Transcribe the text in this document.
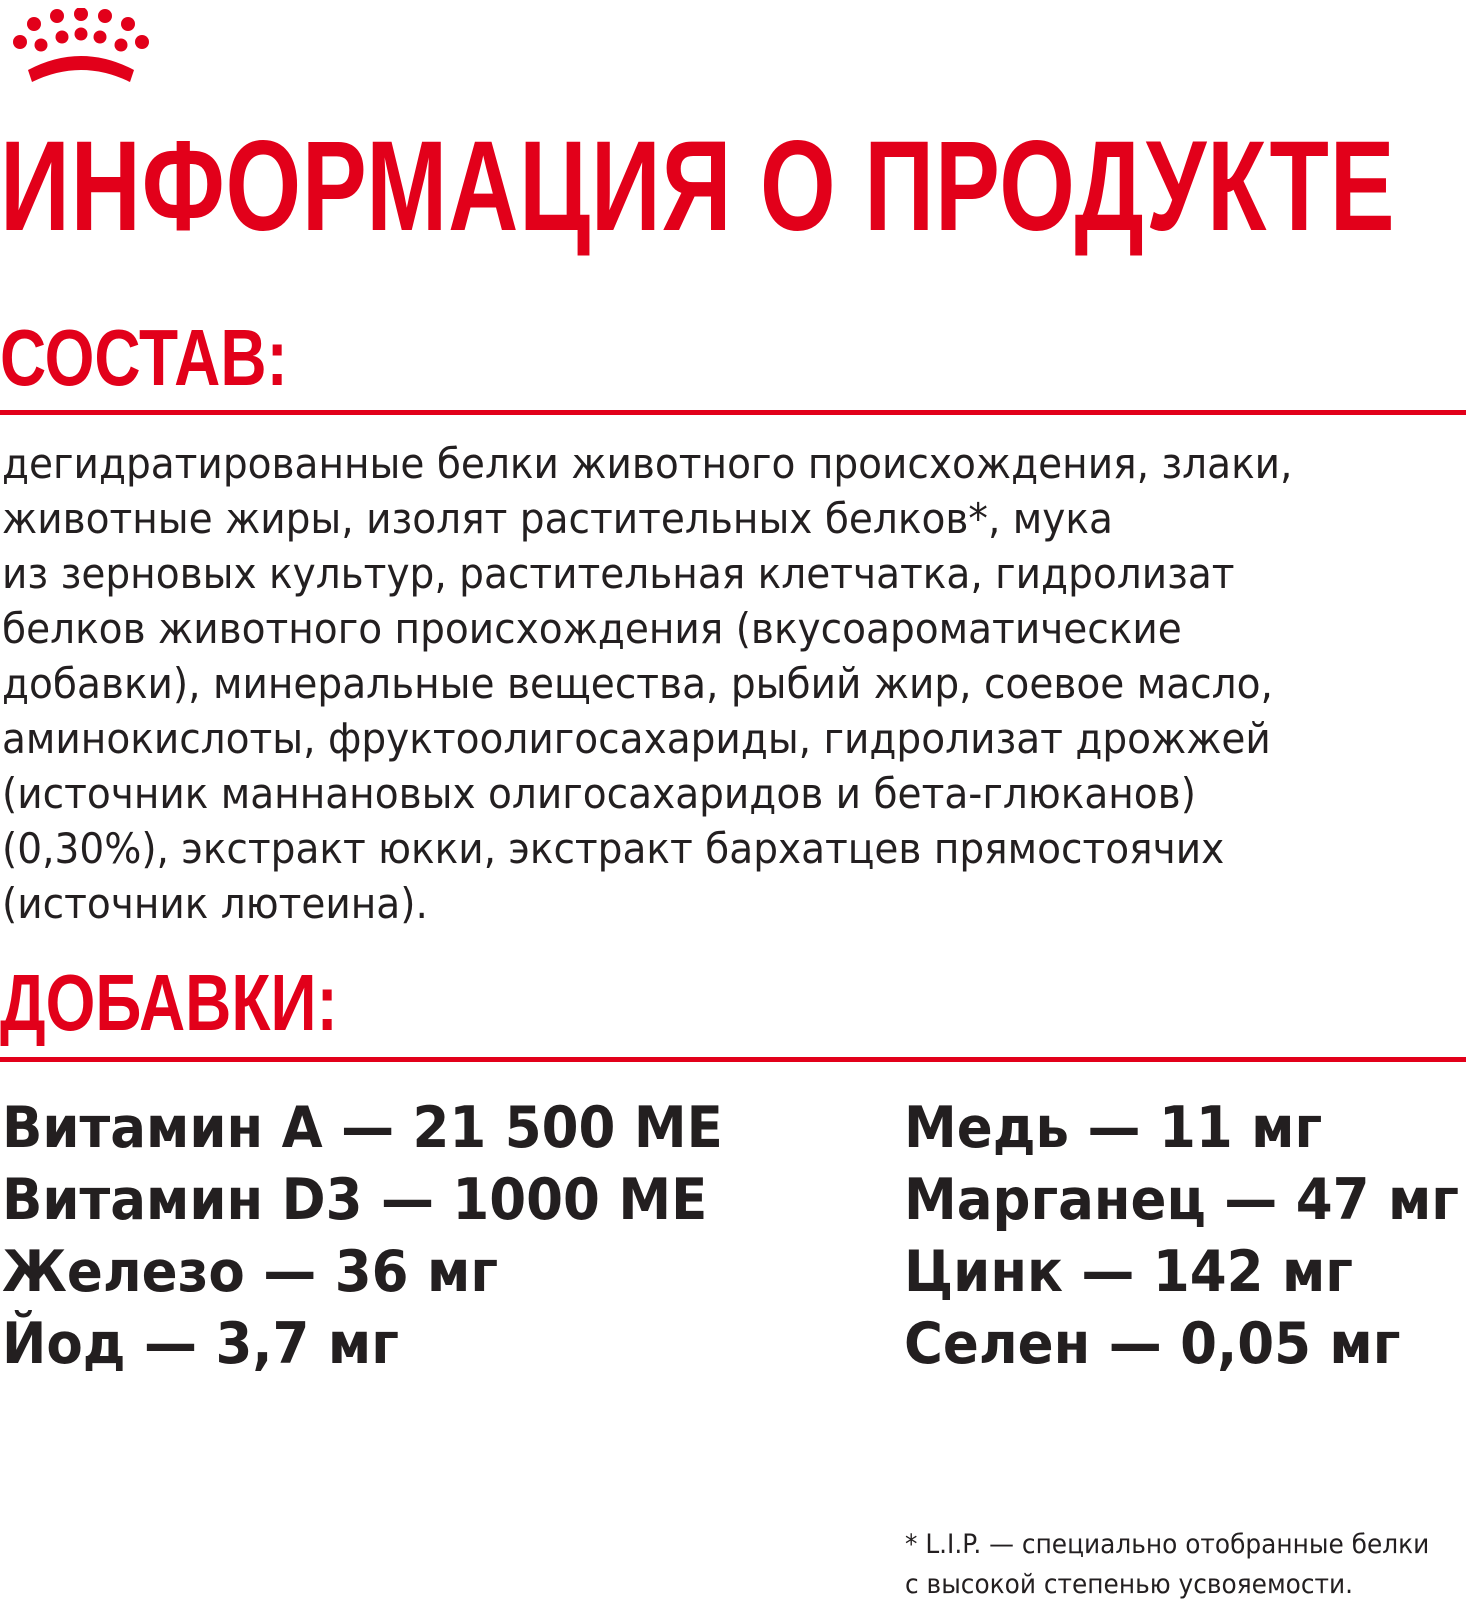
ИНФОРМАЦИЯ О ПРОДУКТЕ
СОСТАВ:

дегидратированные белки животного происхождения, злаки,
животные жиры, изолят растительных белков*, мука
из зерновых культур, растительная клетчатка, гидролизат
белков животного происхождения (вкусоароматические
добавки), минеральные вещества, рыбий жир, соевое масло,
аминокислоты, фруктоолигосахариды, гидролизат дрожжей
(источник маннановых олигосахаридов и бета-глюканов)
(0,30%), экстракт юкки, экстракт бархатцев прямостоячих
(источник лютеина).

ДОБАВКИ:
Витамин A — 21 500 МЕ
Витамин D3 — 1000 МЕ
Железо — 36 мг
Йод — 3,7 мг
Медь — 11 мг
Марганец — 47 мг
Цинк — 142 мг
Селен — 0,05 мг

* L.I.P. — специально отобранные белки
с высокой степенью усвояемости.
